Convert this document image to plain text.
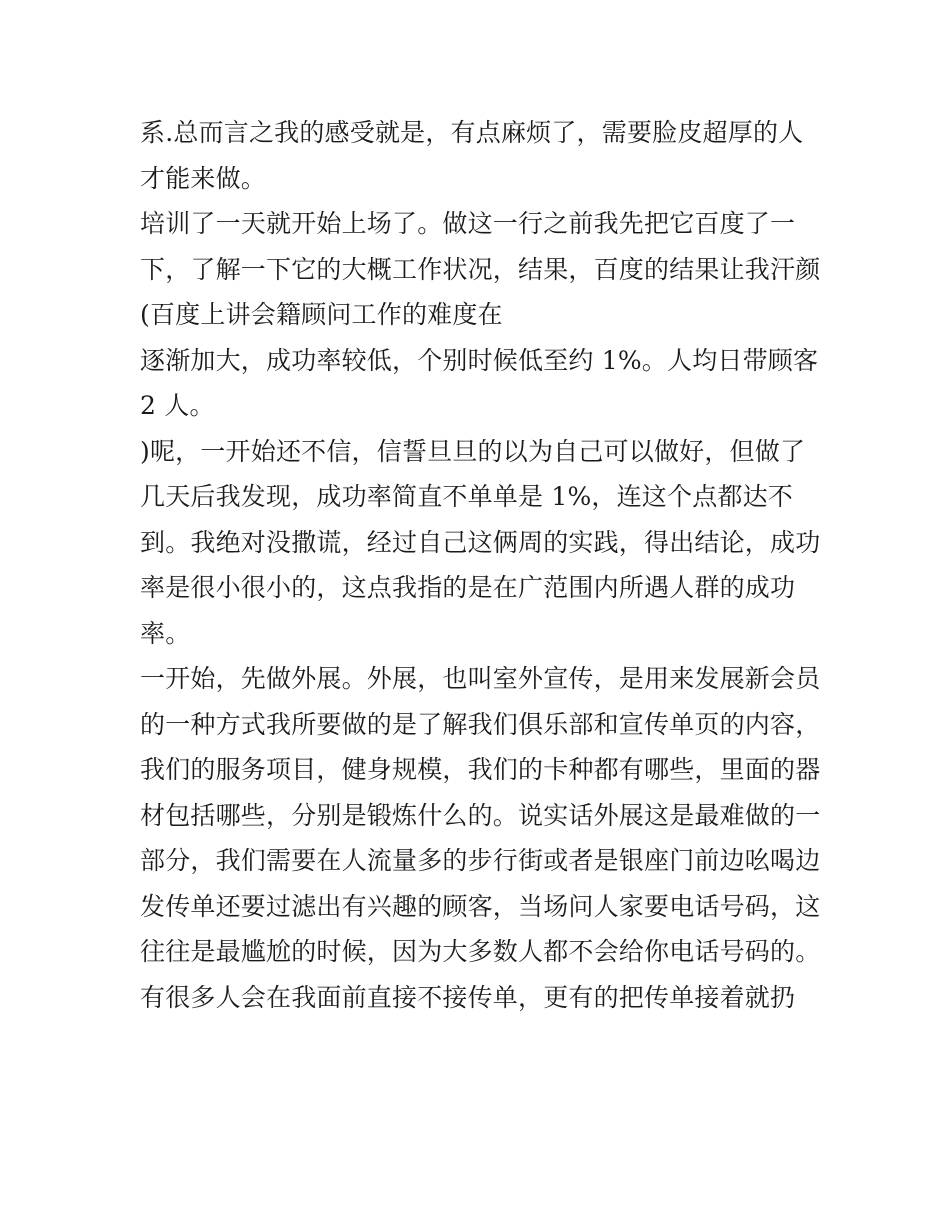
系.总而言之我的感受就是，有点麻烦了，需要脸皮超厚的人
才能来做。
培训了一天就开始上场了。做这一行之前我先把它百度了一
下，了解一下它的大概工作状况，结果，百度的结果让我汗颜
(百度上讲会籍顾问工作的难度在
逐渐加大，成功率较低，个别时候低至约 1%。人均日带顾客
2 人。
)呢，一开始还不信，信誓旦旦的以为自己可以做好，但做了
几天后我发现，成功率简直不单单是 1%，连这个点都达不
到。我绝对没撒谎，经过自己这俩周的实践，得出结论，成功
率是很小很小的，这点我指的是在广范围内所遇人群的成功
率。
一开始，先做外展。外展，也叫室外宣传，是用来发展新会员
的一种方式我所要做的是了解我们俱乐部和宣传单页的内容，
我们的服务项目，健身规模，我们的卡种都有哪些，里面的器
材包括哪些，分别是锻炼什么的。说实话外展这是最难做的一
部分，我们需要在人流量多的步行街或者是银座门前边吆喝边
发传单还要过滤出有兴趣的顾客，当场问人家要电话号码，这
往往是最尴尬的时候，因为大多数人都不会给你电话号码的。
有很多人会在我面前直接不接传单，更有的把传单接着就扔
